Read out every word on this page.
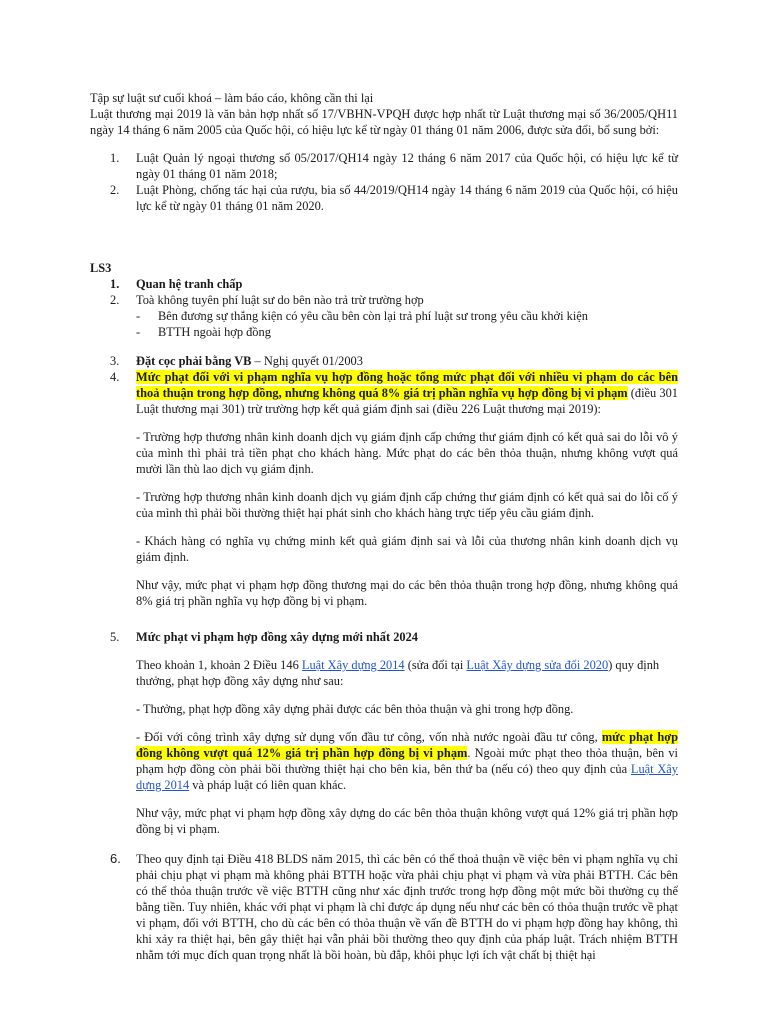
Tập sự luật sư cuối khoá – làm báo cáo, không cần thi lại

Luật thương mại 2019 là văn bản hợp nhất số 17/VBHN-VPQH được hợp nhất từ Luật thương mại số 36/2005/QH11 ngày 14 tháng 6 năm 2005 của Quốc hội, có hiệu lực kể từ ngày 01 tháng 01 năm 2006, được sửa đổi, bổ sung bởi:

1.	Luật Quản lý ngoại thương số 05/2017/QH14 ngày 12 tháng 6 năm 2017 của Quốc hội, có hiệu lực kể từ ngày 01 tháng 01 năm 2018;
2.	Luật Phòng, chống tác hại của rượu, bia số 44/2019/QH14 ngày 14 tháng 6 năm 2019 của Quốc hội, có hiệu lực kể từ ngày 01 tháng 01 năm 2020.

LS3

1.	Quan hệ tranh chấp
2.	Toà không tuyên phí luật sư do bên nào trả trừ trường hợp
-	Bên đương sự thắng kiện có yêu cầu bên còn lại trả phí luật sư trong yêu cầu khởi kiện
-	BTTH ngoài hợp đồng
3.	Đặt cọc phải bằng VB – Nghị quyết 01/2003
4.	Mức phạt đối với vi phạm nghĩa vụ hợp đồng hoặc tổng mức phạt đối với nhiều vi phạm do các bên thoả thuận trong hợp đồng, nhưng không quá 8% giá trị phần nghĩa vụ hợp đồng bị vi phạm (điều 301 Luật thương mại 301) trừ trường hợp kết quả giám định sai (điều 226 Luật thương mại 2019):

- Trường hợp thương nhân kinh doanh dịch vụ giám định cấp chứng thư giám định có kết quả sai do lỗi vô ý của mình thì phải trả tiền phạt cho khách hàng. Mức phạt do các bên thỏa thuận, nhưng không vượt quá mười lần thù lao dịch vụ giám định.

- Trường hợp thương nhân kinh doanh dịch vụ giám định cấp chứng thư giám định có kết quả sai do lỗi cố ý của mình thì phải bồi thường thiệt hại phát sinh cho khách hàng trực tiếp yêu cầu giám định.

- Khách hàng có nghĩa vụ chứng minh kết quả giám định sai và lỗi của thương nhân kinh doanh dịch vụ giám định.

Như vậy, mức phạt vi phạm hợp đồng thương mại do các bên thỏa thuận trong hợp đồng, nhưng không quá 8% giá trị phần nghĩa vụ hợp đồng bị vi phạm.

5.	Mức phạt vi phạm hợp đồng xây dựng mới nhất 2024

Theo khoản 1, khoản 2 Điều 146 Luật Xây dựng 2014 (sửa đổi tại Luật Xây dựng sửa đổi 2020) quy định thưởng, phạt hợp đồng xây dựng như sau:

- Thưởng, phạt hợp đồng xây dựng phải được các bên thỏa thuận và ghi trong hợp đồng.

- Đối với công trình xây dựng sử dụng vốn đầu tư công, vốn nhà nước ngoài đầu tư công, mức phạt hợp đồng không vượt quá 12% giá trị phần hợp đồng bị vi phạm. Ngoài mức phạt theo thỏa thuận, bên vi phạm hợp đồng còn phải bồi thường thiệt hại cho bên kia, bên thứ ba (nếu có) theo quy định của Luật Xây dựng 2014 và pháp luật có liên quan khác.

Như vậy, mức phạt vi phạm hợp đồng xây dựng do các bên thỏa thuận không vượt quá 12% giá trị phần hợp đồng bị vi phạm.

6.	Theo quy định tại Điều 418 BLDS năm 2015, thì các bên có thể thoả thuận về việc bên vi phạm nghĩa vụ chỉ phải chịu phạt vi phạm mà không phải BTTH hoặc vừa phải chịu phạt vi phạm và vừa phải BTTH. Các bên có thể thỏa thuận trước về việc BTTH cũng như xác định trước trong hợp đồng một mức bồi thường cụ thể bằng tiền. Tuy nhiên, khác với phạt vi phạm là chỉ được áp dụng nếu như các bên có thỏa thuận trước về phạt vi phạm, đối với BTTH, cho dù các bên có thỏa thuận về vấn đề BTTH do vi phạm hợp đồng hay không, thì khi xảy ra thiệt hại, bên gây thiệt hại vẫn phải bồi thường theo quy định của pháp luật. Trách nhiệm BTTH nhằm tới mục đích quan trọng nhất là bồi hoàn, bù đắp, khôi phục lợi ích vật chất bị thiệt hại
